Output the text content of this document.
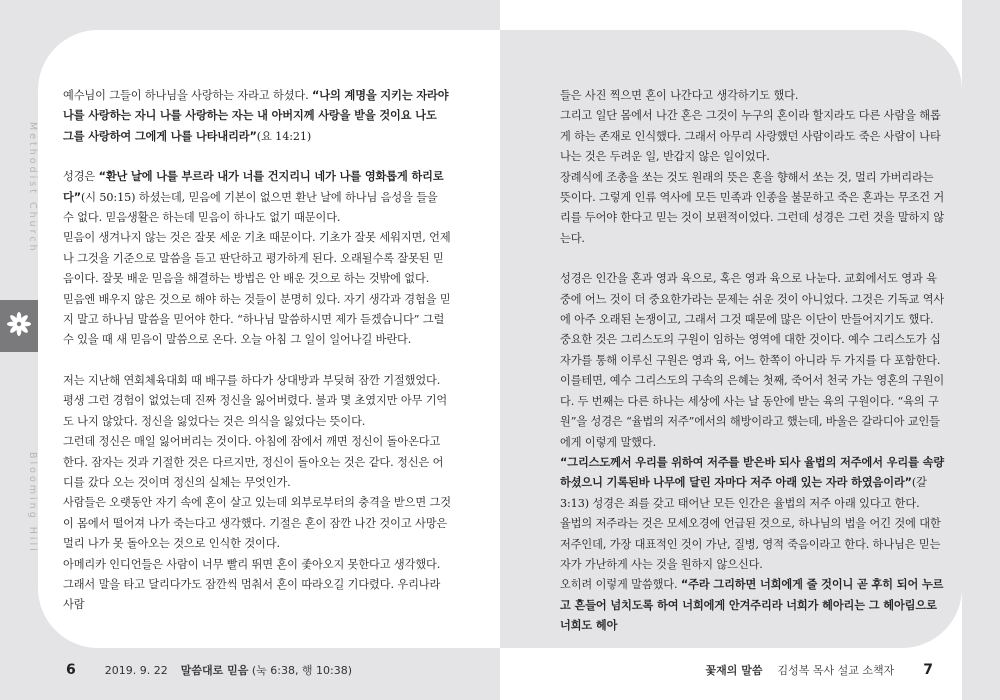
Methodist Church
Blooming Hill

예수님이 그들이 하나님을 사랑하는 자라고 하셨다. “나의 계명을 지키는 자라야 나를 사랑하는 자니 나를 사랑하는 자는 내 아버지께 사랑을 받을 것이요 나도 그를 사랑하여 그에게 나를 나타내리라”(요 14:21)

성경은 “환난 날에 나를 부르라 내가 너를 건지리니 네가 나를 영화롭게 하리로다”(시 50:15) 하셨는데, 믿음에 기본이 없으면 환난 날에 하나님 음성을 들을 수 없다. 믿음생활은 하는데 믿음이 하나도 없기 때문이다.

믿음이 생겨나지 않는 것은 잘못 세운 기초 때문이다. 기초가 잘못 세워지면, 언제나 그것을 기준으로 말씀을 듣고 판단하고 평가하게 된다. 오래될수록 잘못된 믿음이다. 잘못 배운 믿음을 해결하는 방법은 안 배운 것으로 하는 것밖에 없다.

믿음엔 배우지 않은 것으로 해야 하는 것들이 분명히 있다. 자기 생각과 경험을 믿지 말고 하나님 말씀을 믿어야 한다. “하나님 말씀하시면 제가 듣겠습니다” 그럴 수 있을 때 새 믿음이 말씀으로 온다. 오늘 아침 그 일이 일어나길 바란다.

저는 지난해 연회체육대회 때 배구를 하다가 상대방과 부딪혀 잠깐 기절했었다. 평생 그런 경험이 없었는데 진짜 정신을 잃어버렸다. 불과 몇 초였지만 아무 기억도 나지 않았다. 정신을 잃었다는 것은 의식을 잃었다는 뜻이다.

그런데 정신은 매일 잃어버리는 것이다. 아침에 잠에서 깨면 정신이 돌아온다고 한다. 잠자는 것과 기절한 것은 다르지만, 정신이 돌아오는 것은 같다. 정신은 어디를 갔다 오는 것이며 정신의 실체는 무엇인가.

사람들은 오랫동안 자기 속에 혼이 살고 있는데 외부로부터의 충격을 받으면 그것이 몸에서 떨어져 나가 죽는다고 생각했다. 기절은 혼이 잠깐 나간 것이고 사망은 멀리 나가 못 돌아오는 것으로 인식한 것이다.

아메리카 인디언들은 사람이 너무 빨리 뛰면 혼이 좇아오지 못한다고 생각했다. 그래서 말을 타고 달리다가도 잠깐씩 멈춰서 혼이 따라오길 기다렸다. 우리나라 사람

들은 사진 찍으면 혼이 나간다고 생각하기도 했다.

그리고 일단 몸에서 나간 혼은 그것이 누구의 혼이라 할지라도 다른 사람을 해롭게 하는 존재로 인식했다. 그래서 아무리 사랑했던 사람이라도 죽은 사람이 나타나는 것은 두려운 일, 반갑지 않은 일이었다.

장례식에 조총을 쏘는 것도 원래의 뜻은 혼을 향해서 쏘는 것, 멀리 가버리라는 뜻이다. 그렇게 인류 역사에 모든 민족과 인종을 불문하고 죽은 혼과는 무조건 거리를 두어야 한다고 믿는 것이 보편적이었다. 그런데 성경은 그런 것을 말하지 않는다.

성경은 인간을 혼과 영과 육으로, 혹은 영과 육으로 나눈다. 교회에서도 영과 육중에 어느 것이 더 중요한가라는 문제는 쉬운 것이 아니었다. 그것은 기독교 역사에 아주 오래된 논쟁이고, 그래서 그것 때문에 많은 이단이 만들어지기도 했다.

중요한 것은 그리스도의 구원이 임하는 영역에 대한 것이다. 예수 그리스도가 십자가를 통해 이루신 구원은 영과 육, 어느 한쪽이 아니라 두 가지를 다 포함한다.

이를테면, 예수 그리스도의 구속의 은혜는 첫째, 죽어서 천국 가는 영혼의 구원이다. 두 번째는 다른 하나는 세상에 사는 날 동안에 받는 육의 구원이다. “육의 구원”을 성경은 “율법의 저주”에서의 해방이라고 했는데, 바울은 갈라디아 교인들에게 이렇게 말했다.

“그리스도께서 우리를 위하여 저주를 받은바 되사 율법의 저주에서 우리를 속량하셨으니 기록된바 나무에 달린 자마다 저주 아래 있는 자라 하였음이라”(갈 3:13) 성경은 죄를 갖고 태어난 모든 인간은 율법의 저주 아래 있다고 한다.

율법의 저주라는 것은 모세오경에 언급된 것으로, 하나님의 법을 어긴 것에 대한 저주인데, 가장 대표적인 것이 가난, 질병, 영적 죽음이라고 한다. 하나님은 믿는 자가 가난하게 사는 것을 원하지 않으신다.

오히려 이렇게 말씀했다. “주라 그리하면 너희에게 줄 것이니 곧 후히 되어 누르고 흔들어 넘치도록 하여 너희에게 안겨주리라 너희가 헤아리는 그 헤아림으로 너희도 헤아

6	2019. 9. 22 말씀대로 믿음 (눅 6:38, 행 10:38)	꽃재의 말씀 김성복 목사 설교 소책자 7
